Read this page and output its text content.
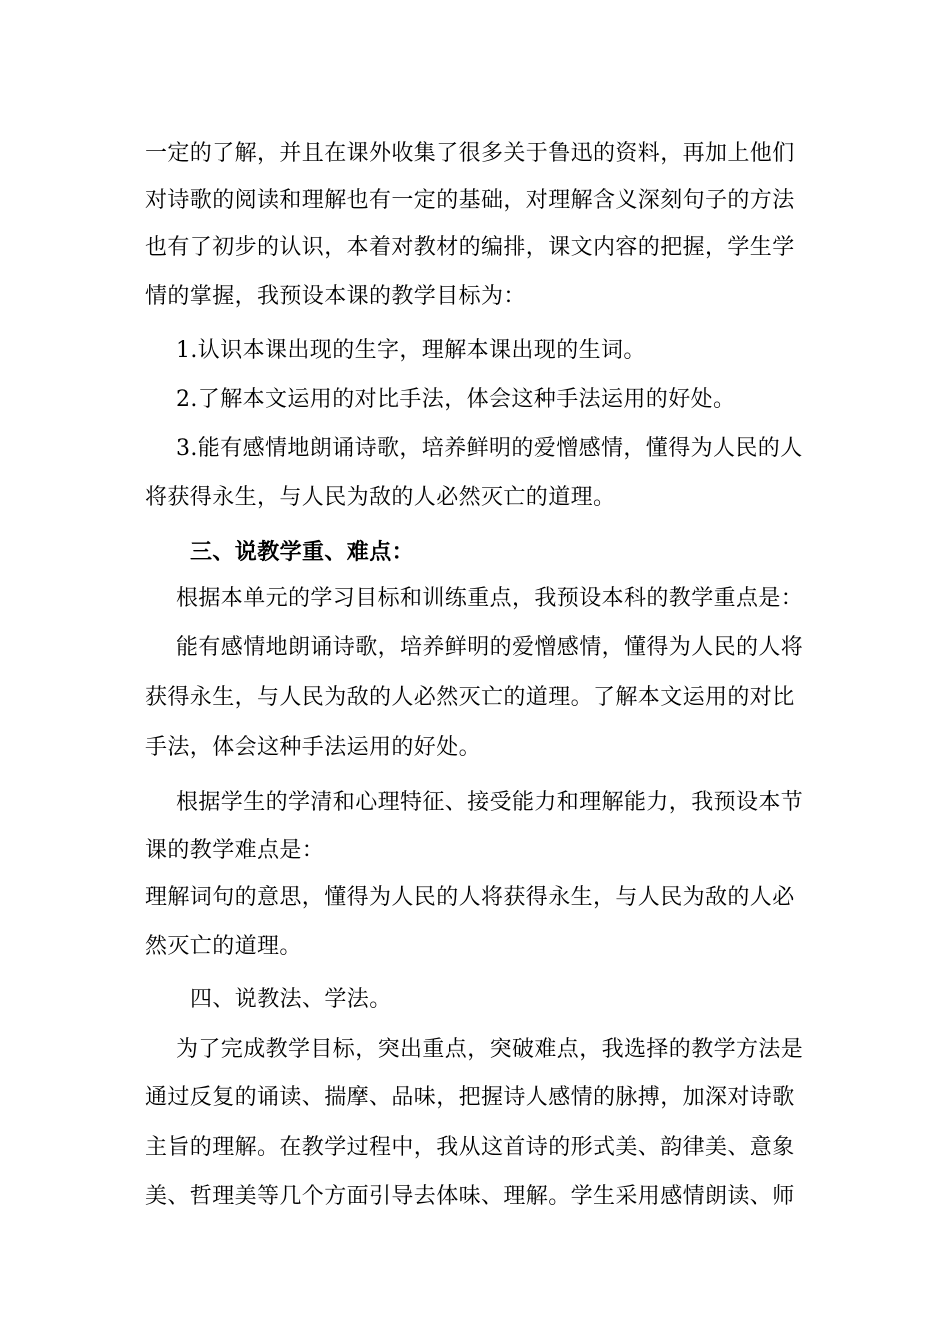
一定的了解，并且在课外收集了很多关于鲁迅的资料，再加上他们
对诗歌的阅读和理解也有一定的基础，对理解含义深刻句子的方法
也有了初步的认识，本着对教材的编排，课文内容的把握，学生学
情的掌握，我预设本课的教学目标为：
1.认识本课出现的生字，理解本课出现的生词。
2.了解本文运用的对比手法，体会这种手法运用的好处。
3.能有感情地朗诵诗歌，培养鲜明的爱憎感情，懂得为人民的人
将获得永生，与人民为敌的人必然灭亡的道理。
三、说教学重、难点：
根据本单元的学习目标和训练重点，我预设本科的教学重点是：
能有感情地朗诵诗歌，培养鲜明的爱憎感情，懂得为人民的人将
获得永生，与人民为敌的人必然灭亡的道理。了解本文运用的对比
手法，体会这种手法运用的好处。
根据学生的学清和心理特征、接受能力和理解能力，我预设本节
课的教学难点是：
理解词句的意思，懂得为人民的人将获得永生，与人民为敌的人必
然灭亡的道理。
四、说教法、学法。
为了完成教学目标，突出重点，突破难点，我选择的教学方法是
通过反复的诵读、揣摩、品味，把握诗人感情的脉搏，加深对诗歌
主旨的理解。在教学过程中，我从这首诗的形式美、韵律美、意象
美、哲理美等几个方面引导去体味、理解。学生采用感情朗读、师
